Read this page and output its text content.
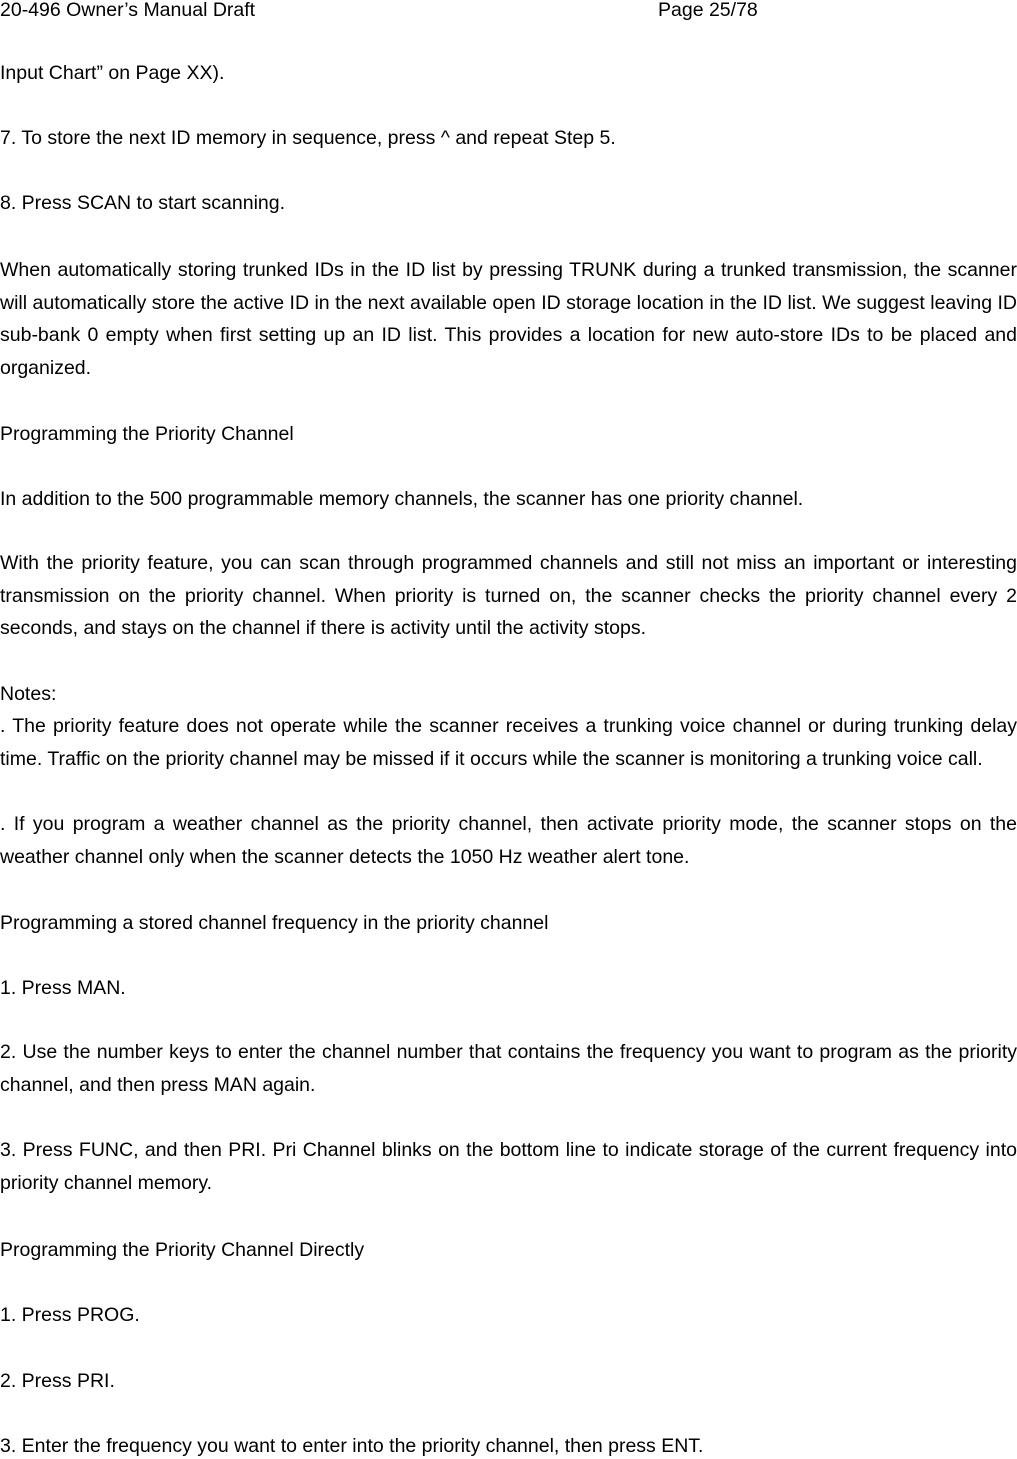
20-496 Owner’s Manual Draft	Page 25/78
Input Chart” on Page XX).
7. To store the next ID memory in sequence, press ^ and repeat Step 5.
8. Press SCAN to start scanning.
When automatically storing trunked IDs in the ID list by pressing TRUNK during a trunked transmission, the scanner will automatically store the active ID in the next available open ID storage location in the ID list. We suggest leaving ID sub-bank 0 empty when first setting up an ID list. This provides a location for new auto-store IDs to be placed and organized.
Programming the Priority Channel
In addition to the 500 programmable memory channels, the scanner has one priority channel.
With the priority feature, you can scan through programmed channels and still not miss an important or interesting transmission on the priority channel. When priority is turned on, the scanner checks the priority channel every 2 seconds, and stays on the channel if there is activity until the activity stops.
Notes:
. The priority feature does not operate while the scanner receives a trunking voice channel or during trunking delay time. Traffic on the priority channel may be missed if it occurs while the scanner is monitoring a trunking voice call.
. If you program a weather channel as the priority channel, then activate priority mode, the scanner stops on the weather channel only when the scanner detects the 1050 Hz weather alert tone.
Programming a stored channel frequency in the priority channel
1. Press MAN.
2. Use the number keys to enter the channel number that contains the frequency you want to program as the priority channel, and then press MAN again.
3. Press FUNC, and then PRI. Pri Channel blinks on the bottom line to indicate storage of the current frequency into priority channel memory.
Programming the Priority Channel Directly
1. Press PROG.
2. Press PRI.
3. Enter the frequency you want to enter into the priority channel, then press ENT.
